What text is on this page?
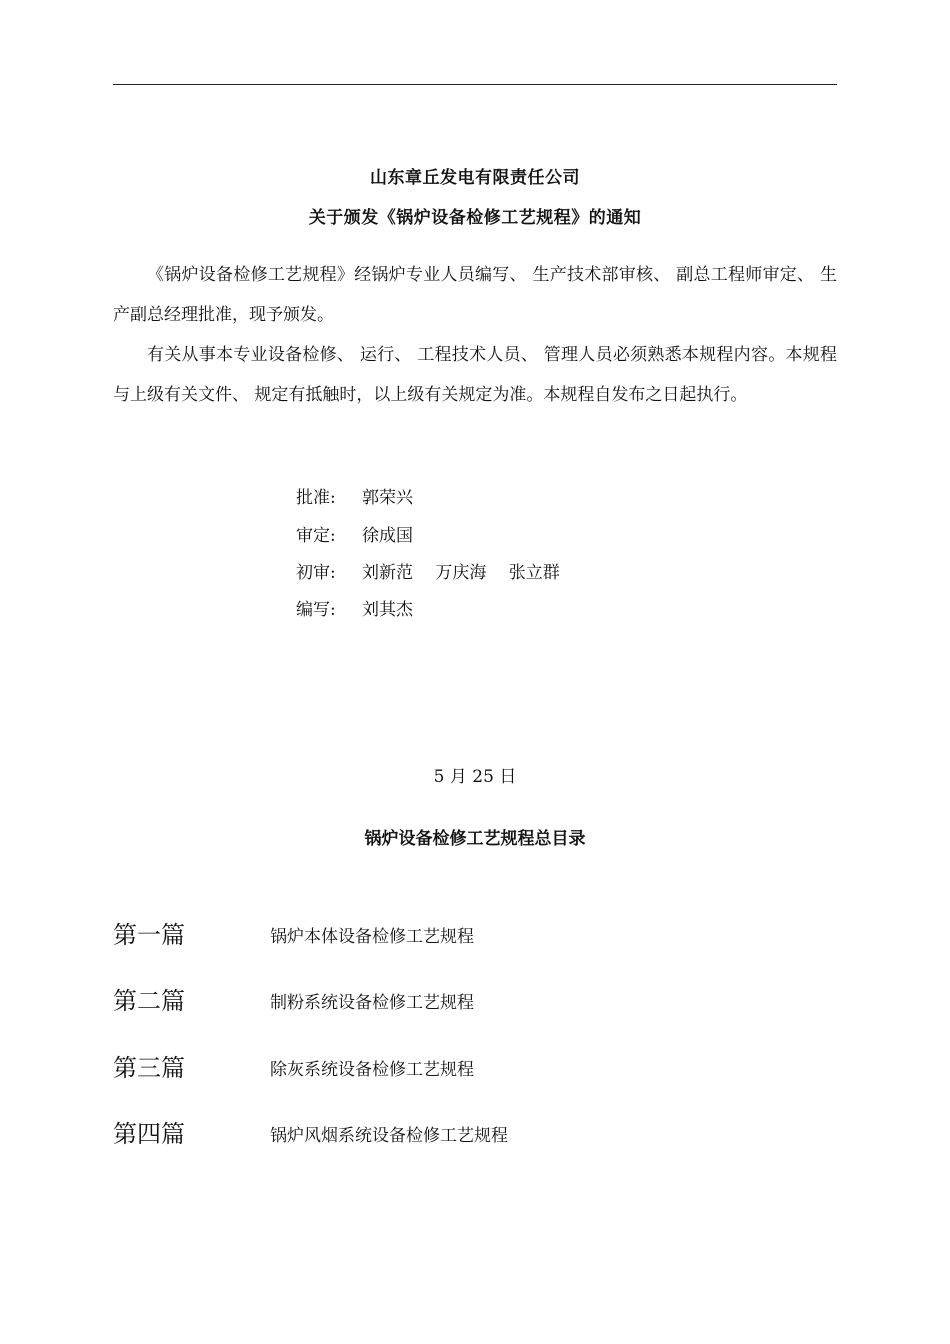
山东章丘发电有限责任公司
关于颁发《锅炉设备检修工艺规程》的通知
《锅炉设备检修工艺规程》经锅炉专业人员编写、 生产技术部审核、 副总工程师审定、 生产副总经理批准，现予颁发。
有关从事本专业设备检修、 运行、 工程技术人员、 管理人员必须熟悉本规程内容。本规程与上级有关文件、 规定有抵触时，以上级有关规定为准。本规程自发布之日起执行。
批准: 郭荣兴
审定: 徐成国
初审: 刘新范　 万庆海　 张立群
编写: 刘其杰
5 月 25 日
锅炉设备检修工艺规程总目录
第一篇	锅炉本体设备检修工艺规程
第二篇	制粉系统设备检修工艺规程
第三篇	除灰系统设备检修工艺规程
第四篇	锅炉风烟系统设备检修工艺规程
